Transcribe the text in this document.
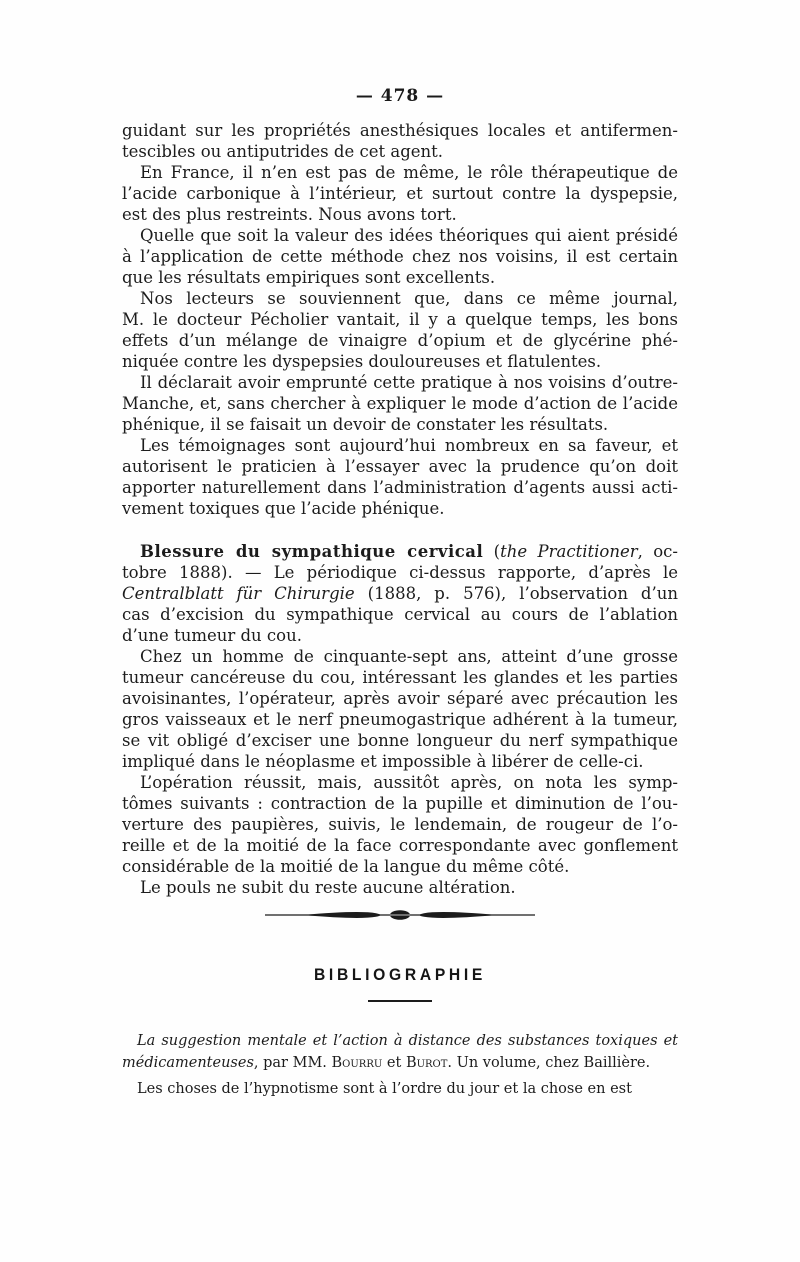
— 478 —
guidant sur les propriétés anesthésiques locales et antifermen-
tescibles ou antiputrides de cet agent.
En France, il n’en est pas de même, le rôle thérapeutique de
l’acide carbonique à l’intérieur, et surtout contre la dyspepsie,
est des plus restreints. Nous avons tort.
Quelle que soit la valeur des idées théoriques qui aient présidé
à l’application de cette méthode chez nos voisins, il est certain
que les résultats empiriques sont excellents.
Nos lecteurs se souviennent que, dans ce même journal,
M. le docteur Pécholier vantait, il y a quelque temps, les bons
effets d’un mélange de vinaigre d’opium et de glycérine phé-
niquée contre les dyspepsies douloureuses et flatulentes.
Il déclarait avoir emprunté cette pratique à nos voisins d’outre-
Manche, et, sans chercher à expliquer le mode d’action de l’acide
phénique, il se faisait un devoir de constater les résultats.
Les témoignages sont aujourd’hui nombreux en sa faveur, et
autorisent le praticien à l’essayer avec la prudence qu’on doit
apporter naturellement dans l’administration d’agents aussi acti-
vement toxiques que l’acide phénique.
Blessure du sympathique cervical (the Practitioner, oc-
tobre 1888). — Le périodique ci-dessus rapporte, d’après le
Centralblatt für Chirurgie (1888, p. 576), l’observation d’un
cas d’excision du sympathique cervical au cours de l’ablation
d’une tumeur du cou.
Chez un homme de cinquante-sept ans, atteint d’une grosse
tumeur cancéreuse du cou, intéressant les glandes et les parties
avoisinantes, l’opérateur, après avoir séparé avec précaution les
gros vaisseaux et le nerf pneumogastrique adhérent à la tumeur,
se vit obligé d’exciser une bonne longueur du nerf sympathique
impliqué dans le néoplasme et impossible à libérer de celle-ci.
L’opération réussit, mais, aussitôt après, on nota les symp-
tômes suivants : contraction de la pupille et diminution de l’ou-
verture des paupières, suivis, le lendemain, de rougeur de l’o-
reille et de la moitié de la face correspondante avec gonflement
considérable de la moitié de la langue du même côté.
Le pouls ne subit du reste aucune altération.
BIBLIOGRAPHIE
La suggestion mentale et l’action à distance des substances toxiques et
médicamenteuses, par MM. Bourru et Burot. Un volume, chez Baillière.
Les choses de l’hypnotisme sont à l’ordre du jour et la chose en est
